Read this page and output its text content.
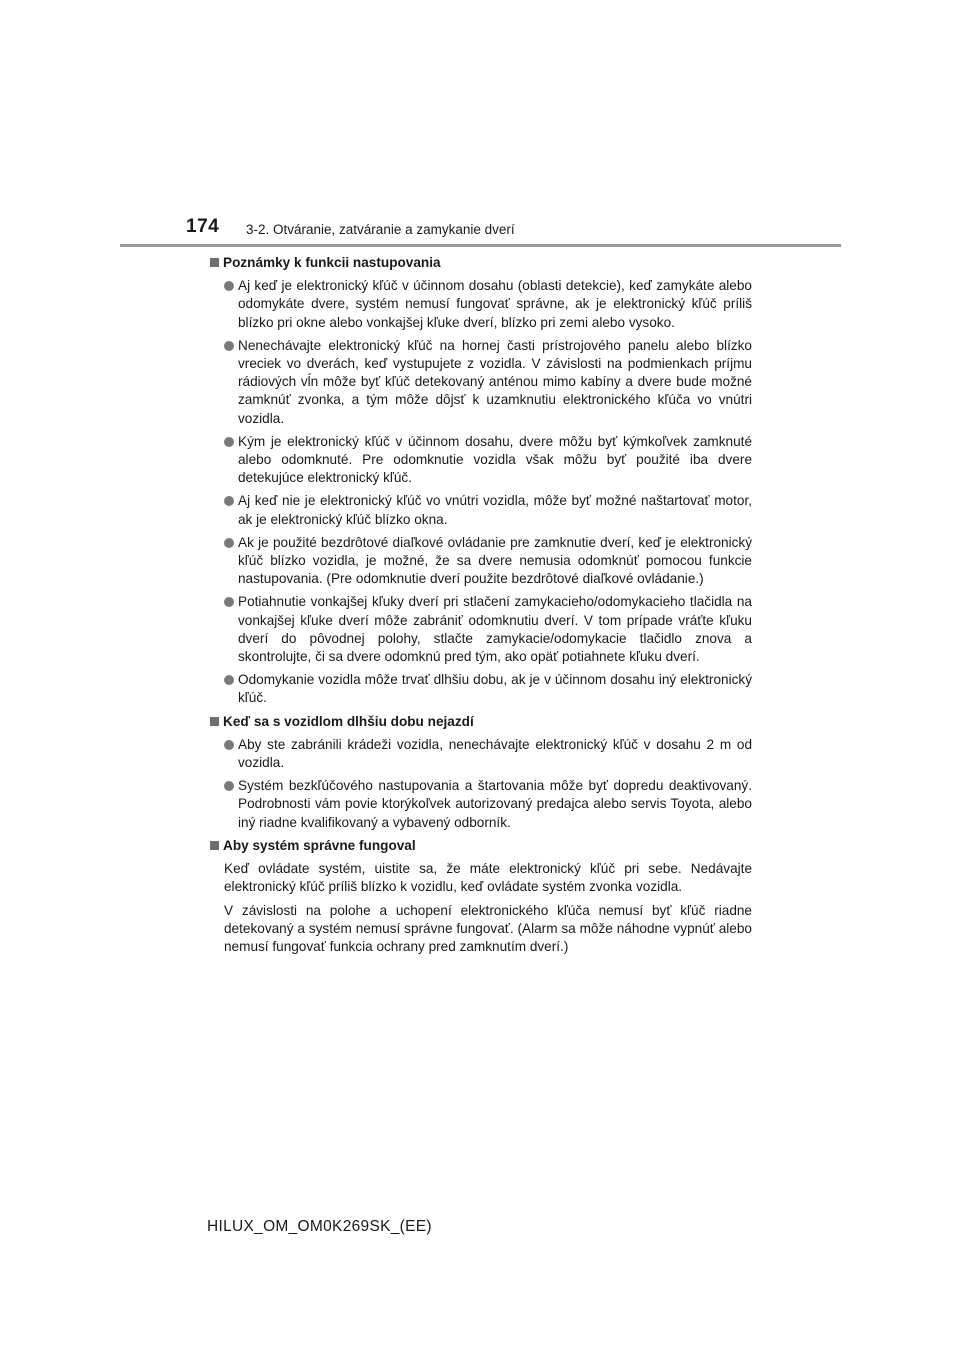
174 3-2. Otváranie, zatváranie a zamykanie dverí
Poznámky k funkcii nastupovania
Aj keď je elektronický kľúč v účinnom dosahu (oblasti detekcie), keď zamykáte alebo odomykáte dvere, systém nemusí fungovať správne, ak je elektronický kľúč príliš blízko pri okne alebo vonkajšej kľuke dverí, blízko pri zemi alebo vysoko.
Nenechávajte elektronický kľúč na hornej časti prístrojového panelu alebo blízko vreciek vo dverách, keď vystupujete z vozidla. V závislosti na podmienkach príjmu rádiových vĺn môže byť kľúč detekovaný anténou mimo kabíny a dvere bude možné zamknúť zvonka, a tým môže dôjsť k uzamknutiu elektronického kľúča vo vnútri vozidla.
Kým je elektronický kľúč v účinnom dosahu, dvere môžu byť kýmkoľvek zamknuté alebo odomknuté. Pre odomknutie vozidla však môžu byť použité iba dvere detekujúce elektronický kľúč.
Aj keď nie je elektronický kľúč vo vnútri vozidla, môže byť možné naštartovať motor, ak je elektronický kľúč blízko okna.
Ak je použité bezdrôtové diaľkové ovládanie pre zamknutie dverí, keď je elektronický kľúč blízko vozidla, je možné, že sa dvere nemusia odomknúť pomocou funkcie nastupovania. (Pre odomknutie dverí použite bezdrôtové diaľkové ovládanie.)
Potiahnutie vonkajšej kľuky dverí pri stlačení zamykacieho/odomykacieho tlačidla na vonkajšej kľuke dverí môže zabrániť odomknutiu dverí. V tom prípade vráťte kľuku dverí do pôvodnej polohy, stlačte zamykacie/odomykacie tlačidlo znova a skontrolujte, či sa dvere odomknú pred tým, ako opäť potiahnete kľuku dverí.
Odomykanie vozidla môže trvať dlhšiu dobu, ak je v účinnom dosahu iný elektronický kľúč.
Keď sa s vozidlom dlhšiu dobu nejazdí
Aby ste zabránili krádeži vozidla, nenechávajte elektronický kľúč v dosahu 2 m od vozidla.
Systém bezkľúčového nastupovania a štartovania môže byť dopredu deaktivovaný. Podrobnosti vám povie ktorýkoľvek autorizovaný predajca alebo servis Toyota, alebo iný riadne kvalifikovaný a vybavený odborník.
Aby systém správne fungoval
Keď ovládate systém, uistite sa, že máte elektronický kľúč pri sebe. Nedávajte elektronický kľúč príliš blízko k vozidlu, keď ovládate systém zvonka vozidla.
V závislosti na polohe a uchopení elektronického kľúča nemusí byť kľúč riadne detekovaný a systém nemusí správne fungovať. (Alarm sa môže náhodne vypnúť alebo nemusí fungovať funkcia ochrany pred zamknutím dverí.)
HILUX_OM_OM0K269SK_(EE)
